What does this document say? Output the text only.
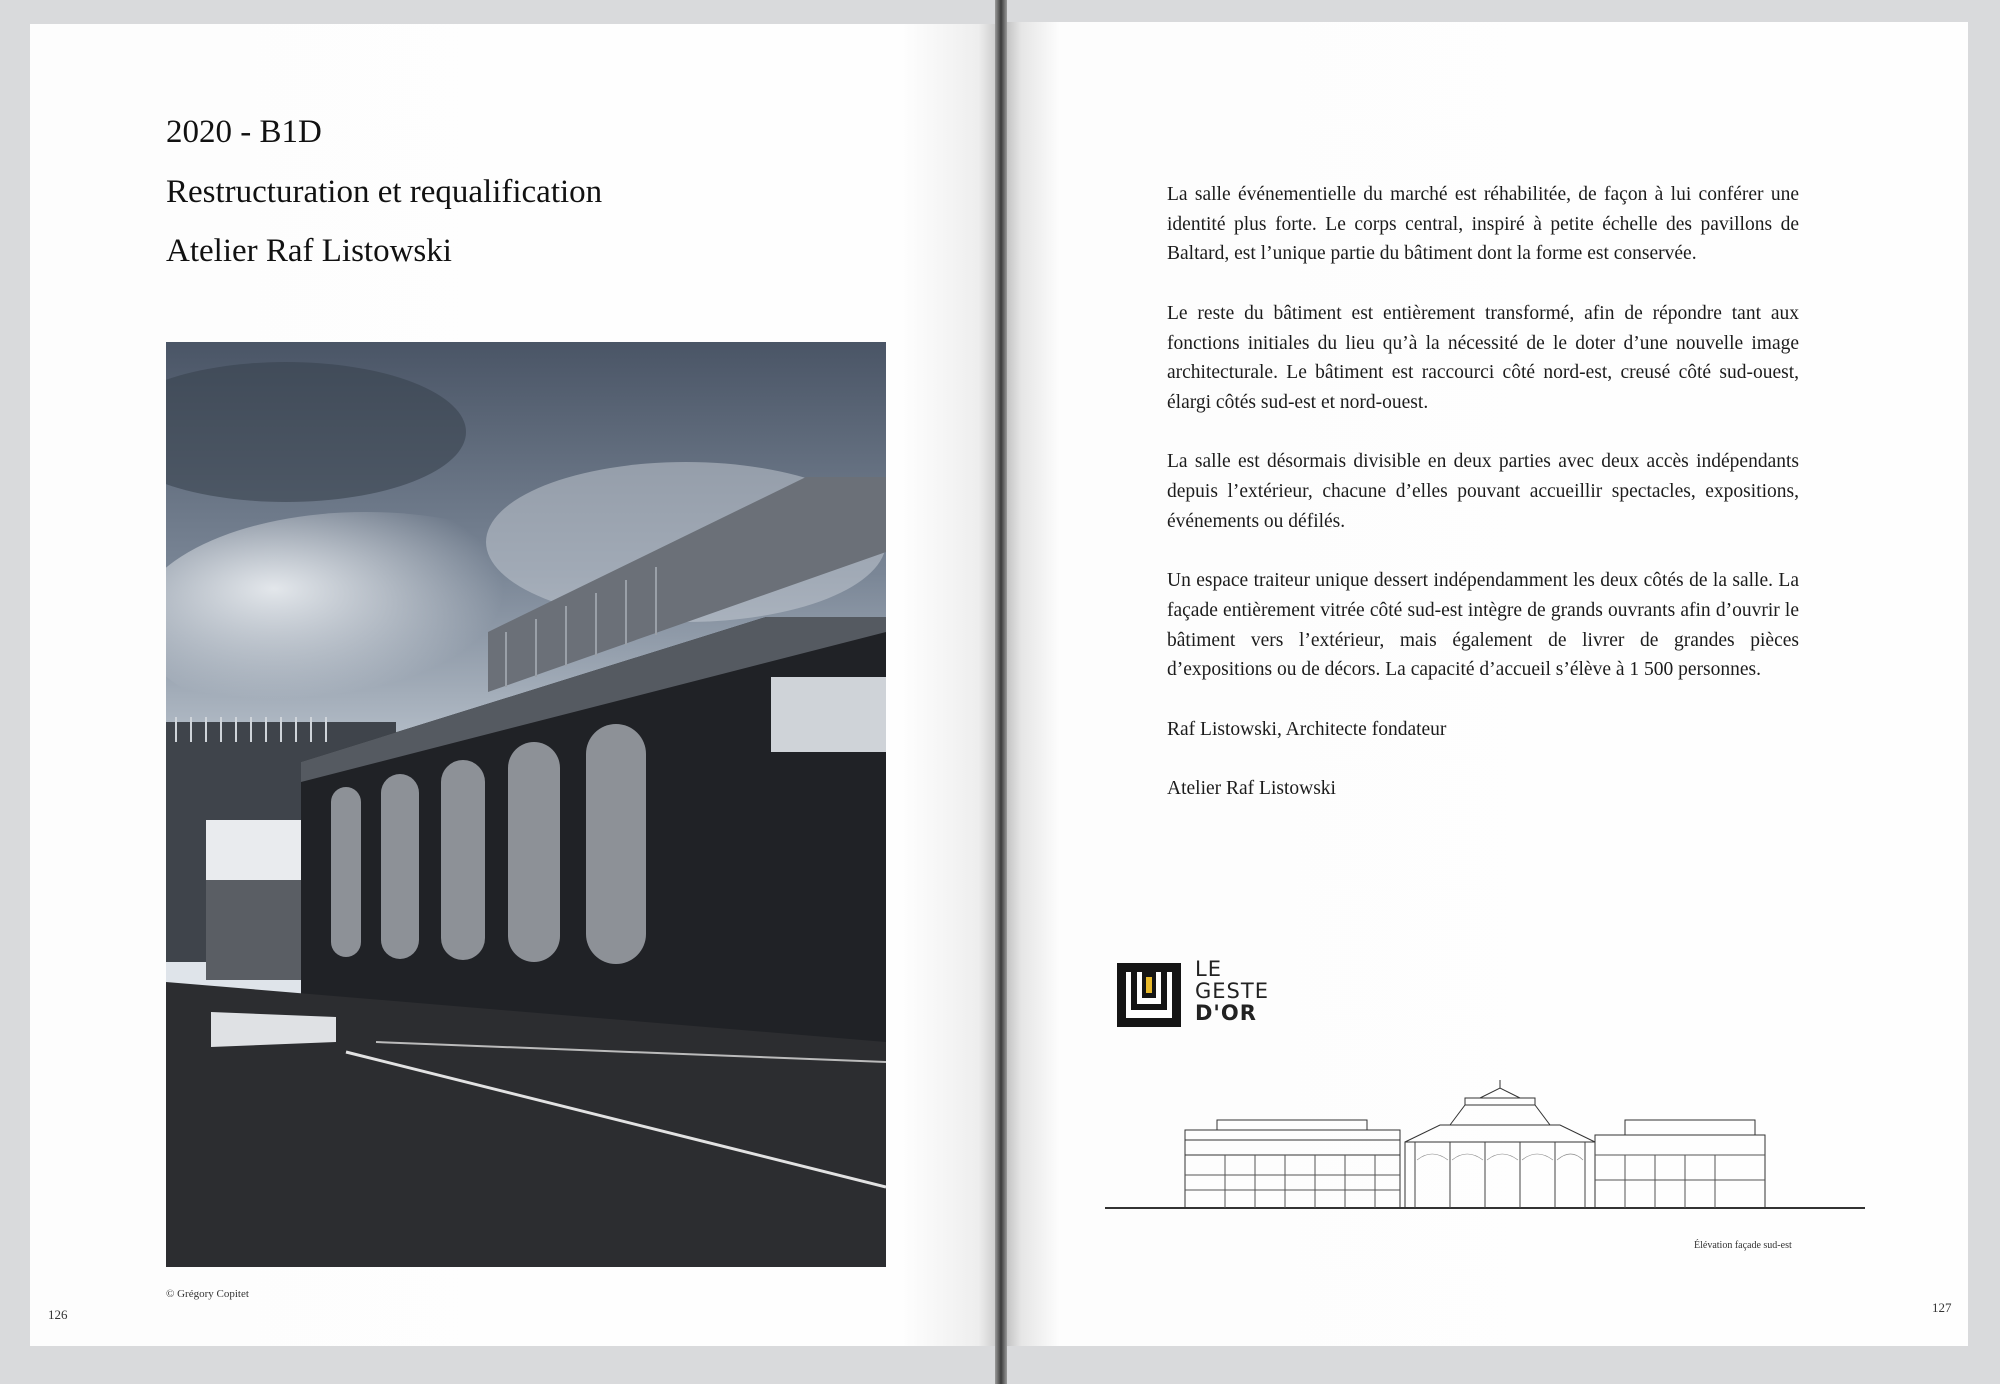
2020 - B1D
Restructuration et requalification
Atelier Raf Listowski
© Grégory Copitet
126

La salle événementielle du marché est réhabilitée, de façon à lui conférer une identité plus forte. Le corps central, inspiré à petite échelle des pavillons de Baltard, est l’unique partie du bâtiment dont la forme est conservée.

Le reste du bâtiment est entièrement transformé, afin de répondre tant aux fonctions initiales du lieu qu’à la nécessité de le doter d’une nouvelle image architecturale. Le bâtiment est raccourci côté nord-est, creusé côté sud-ouest, élargi côtés sud-est et nord-ouest.

La salle est désormais divisible en deux parties avec deux accès indépendants depuis l’extérieur, chacune d’elles pouvant accueillir spectacles, expositions, événements ou défilés.

Un espace traiteur unique dessert indépendamment les deux côtés de la salle. La façade entièrement vitrée côté sud-est intègre de grands ouvrants afin d’ouvrir le bâtiment vers l’extérieur, mais également de livrer de grandes pièces d’expositions ou de décors. La capacité d’accueil s’élève à 1 500 personnes.

Raf Listowski, Architecte fondateur

Atelier Raf Listowski

LE
GESTE
D'OR
Élévation façade sud-est
127
